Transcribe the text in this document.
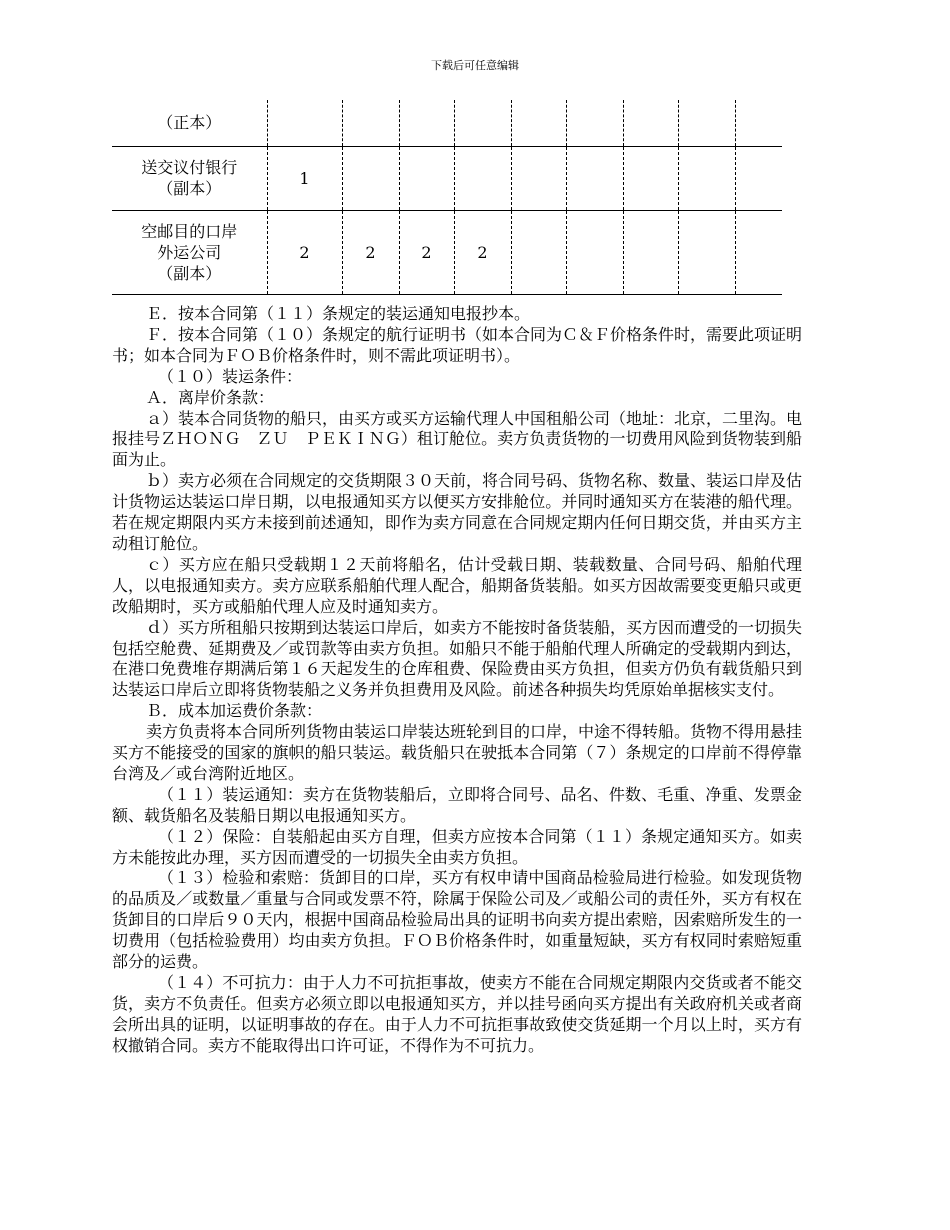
下载后可任意编辑
（正本）									

送交议付银行
（副本）	1								

空邮目的口岸
外运公司
（副本）	2	2	2	2					

Ｅ．按本合同第（１１）条规定的装运通知电报抄本。

Ｆ．按本合同第（１０）条规定的航行证明书（如本合同为Ｃ＆Ｆ价格条件时，需要此项证明书；如本合同为ＦＯＢ价格条件时，则不需此项证明书）。

（１０）装运条件：

Ａ．离岸价条款：

ａ）装本合同货物的船只，由买方或买方运输代理人中国租船公司（地址：北京，二里沟。电报挂号ＺＨＯＮＧ　ＺＵ　ＰＥＫＩＮＧ）租订舱位。卖方负责货物的一切费用风险到货物装到船面为止。

ｂ）卖方必须在合同规定的交货期限３０天前，将合同号码、货物名称、数量、装运口岸及估计货物运达装运口岸日期，以电报通知买方以便买方安排舱位。并同时通知买方在装港的船代理。若在规定期限内买方未接到前述通知，即作为卖方同意在合同规定期内任何日期交货，并由买方主动租订舱位。

ｃ）买方应在船只受载期１２天前将船名，估计受载日期、装载数量、合同号码、船舶代理人，以电报通知卖方。卖方应联系船舶代理人配合，船期备货装船。如买方因故需要变更船只或更改船期时，买方或船舶代理人应及时通知卖方。

ｄ）买方所租船只按期到达装运口岸后，如卖方不能按时备货装船，买方因而遭受的一切损失包括空舱费、延期费及／或罚款等由卖方负担。如船只不能于船舶代理人所确定的受载期内到达，在港口免费堆存期满后第１６天起发生的仓库租费、保险费由买方负担，但卖方仍负有载货船只到达装运口岸后立即将货物装船之义务并负担费用及风险。前述各种损失均凭原始单据核实支付。

Ｂ．成本加运费价条款：

卖方负责将本合同所列货物由装运口岸装达班轮到目的口岸，中途不得转船。货物不得用悬挂买方不能接受的国家的旗帜的船只装运。载货船只在驶抵本合同第（７）条规定的口岸前不得停靠台湾及／或台湾附近地区。

（１１）装运通知：卖方在货物装船后，立即将合同号、品名、件数、毛重、净重、发票金额、载货船名及装船日期以电报通知买方。

（１２）保险：自装船起由买方自理，但卖方应按本合同第（１１）条规定通知买方。如卖方未能按此办理，买方因而遭受的一切损失全由卖方负担。

（１３）检验和索赔：货卸目的口岸，买方有权申请中国商品检验局进行检验。如发现货物的品质及／或数量／重量与合同或发票不符，除属于保险公司及／或船公司的责任外，买方有权在货卸目的口岸后９０天内，根据中国商品检验局出具的证明书向卖方提出索赔，因索赔所发生的一切费用（包括检验费用）均由卖方负担。ＦＯＢ价格条件时，如重量短缺，买方有权同时索赔短重部分的运费。

（１４）不可抗力：由于人力不可抗拒事故，使卖方不能在合同规定期限内交货或者不能交货，卖方不负责任。但卖方必须立即以电报通知买方，并以挂号函向买方提出有关政府机关或者商会所出具的证明，以证明事故的存在。由于人力不可抗拒事故致使交货延期一个月以上时，买方有权撤销合同。卖方不能取得出口许可证，不得作为不可抗力。
